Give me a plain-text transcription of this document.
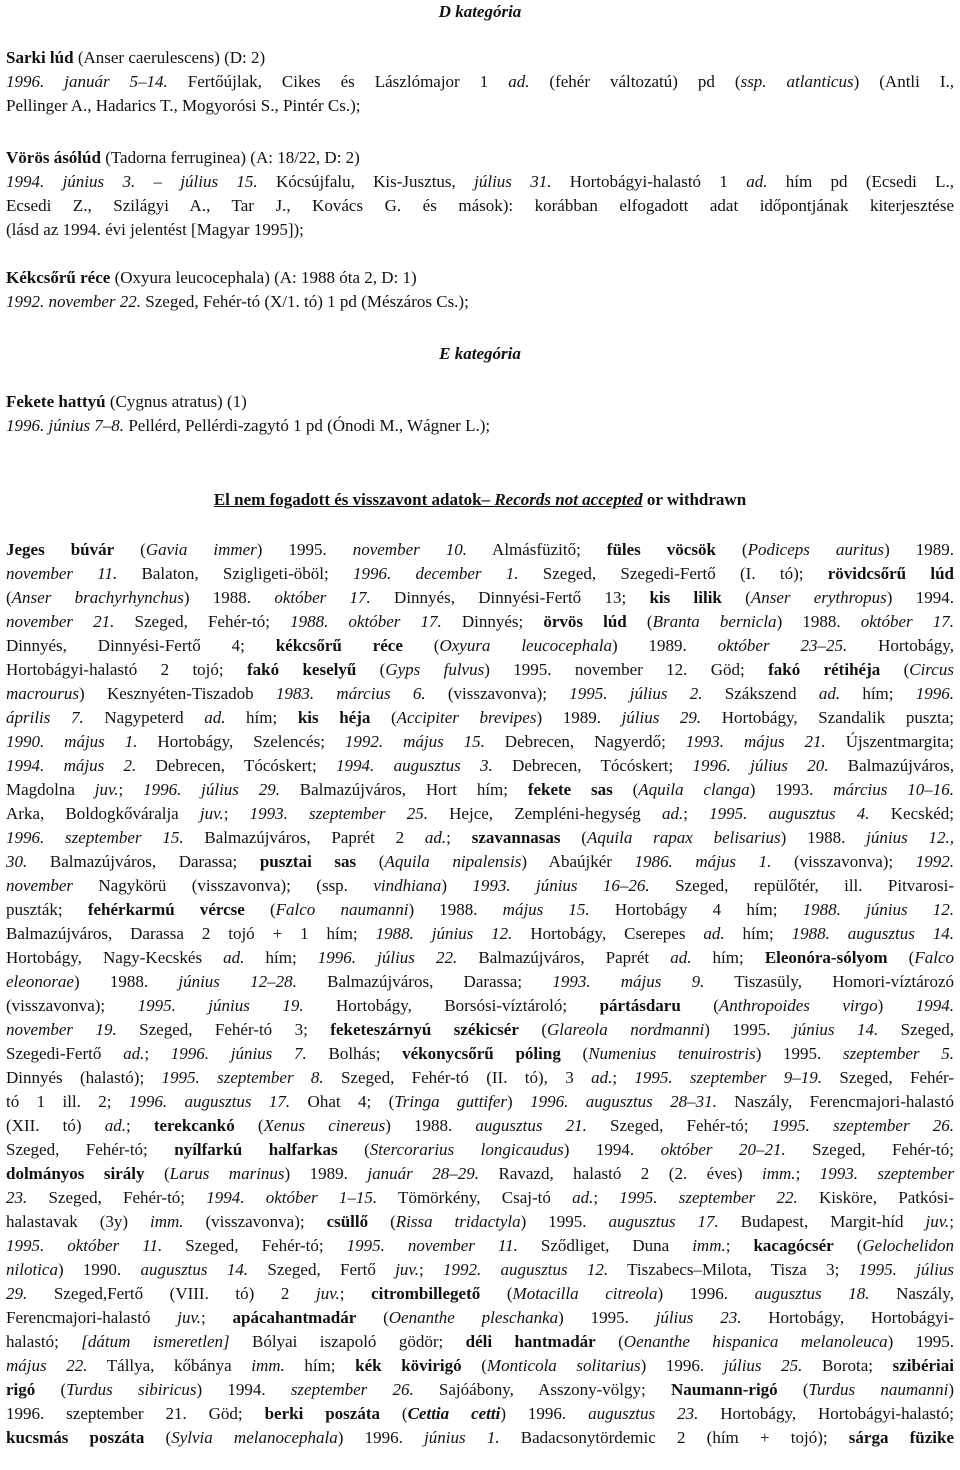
D kategória
Sarki lúd (Anser caerulescens) (D: 2)
1996. január 5–14. Fertőújlak, Cikes és Lászlómajor 1 ad. (fehér változatú) pd (ssp. atlanticus) (Antli I.,
Pellinger A., Hadarics T., Mogyorósi S., Pintér Cs.);
Vörös ásólúd (Tadorna ferruginea) (A: 18/22, D: 2)
1994. június 3. – július 15. Kócsújfalu, Kis-Jusztus, július 31. Hortobágyi-halastó 1 ad. hím pd (Ecsedi L.,
Ecsedi Z., Szilágyi A., Tar J., Kovács G. és mások): korábban elfogadott adat időpontjának kiterjesztése
(lásd az 1994. évi jelentést [Magyar 1995]);
Kékcsőrű réce (Oxyura leucocephala) (A: 1988 óta 2, D: 1)
1992. november 22. Szeged, Fehér-tó (X/1. tó) 1 pd (Mészáros Cs.);
E kategória
Fekete hattyú (Cygnus atratus) (1)
1996. június 7–8. Pellérd, Pellérdi-zagytó 1 pd (Ónodi M., Wágner L.);
El nem fogadott és visszavont adatok– Records not accepted or withdrawn
Jeges búvár (Gavia immer) 1995. november 10. Almásfüzitő; füles vöcsök (Podiceps auritus) 1989.
november 11. Balaton, Szigligeti-öböl; 1996. december 1. Szeged, Szegedi-Fertő (I. tó); rövidcsőrű lúd
(Anser brachyrhynchus) 1988. október 17. Dinnyés, Dinnyési-Fertő 13; kis lilik (Anser erythropus) 1994.
november 21. Szeged, Fehér-tó; 1988. október 17. Dinnyés; örvös lúd (Branta bernicla) 1988. október 17.
Dinnyés, Dinnyési-Fertő 4; kékcsőrű réce (Oxyura leucocephala) 1989. október 23–25. Hortobágy,
Hortobágyi-halastó 2 tojó; fakó keselyű (Gyps fulvus) 1995. november 12. Göd; fakó rétihéja (Circus
macrourus) Kesznyéten-Tiszadob 1983. március 6. (visszavonva); 1995. július 2. Szákszend ad. hím; 1996.
április 7. Nagypeterd ad. hím; kis héja (Accipiter brevipes) 1989. július 29. Hortobágy, Szandalik puszta;
1990. május 1. Hortobágy, Szelencés; 1992. május 15. Debrecen, Nagyerdő; 1993. május 21. Újszentmargita;
1994. május 2. Debrecen, Tócóskert; 1994. augusztus 3. Debrecen, Tócóskert; 1996. július 20. Balmazújváros,
Magdolna juv.; 1996. július 29. Balmazújváros, Hort hím; fekete sas (Aquila clanga) 1993. március 10–16.
Arka, Boldogkőváralja juv.; 1993. szeptember 25. Hejce, Zempléni-hegység ad.; 1995. augusztus 4. Kecskéd;
1996. szeptember 15. Balmazújváros, Paprét 2 ad.; szavannasas (Aquila rapax belisarius) 1988. június 12.,
30. Balmazújváros, Darassa; pusztai sas (Aquila nipalensis) Abaújkér 1986. május 1. (visszavonva); 1992.
november Nagykörü (visszavonva); (ssp. vindhiana) 1993. június 16–26. Szeged, repülőtér, ill. Pitvarosi-
puszták; fehérkarmú vércse (Falco naumanni) 1988. május 15. Hortobágy 4 hím; 1988. június 12.
Balmazújváros, Darassa 2 tojó + 1 hím; 1988. június 12. Hortobágy, Cserepes ad. hím; 1988. augusztus 14.
Hortobágy, Nagy-Kecskés ad. hím; 1996. július 22. Balmazújváros, Paprét ad. hím; Eleonóra-sólyom (Falco
eleonorae) 1988. június 12–28. Balmazújváros, Darassa; 1993. május 9. Tiszasüly, Homori-víztározó
(visszavonva); 1995. június 19. Hortobágy, Borsósi-víztároló; pártásdaru (Anthropoides virgo) 1994.
november 19. Szeged, Fehér-tó 3; feketeszárnyú székicsér (Glareola nordmanni) 1995. június 14. Szeged,
Szegedi-Fertő ad.; 1996. június 7. Bolhás; vékonycsőrű póling (Numenius tenuirostris) 1995. szeptember 5.
Dinnyés (halastó); 1995. szeptember 8. Szeged, Fehér-tó (II. tó), 3 ad.; 1995. szeptember 9–19. Szeged, Fehér-
tó 1 ill. 2; 1996. augusztus 17. Ohat 4; (Tringa guttifer) 1996. augusztus 28–31. Naszály, Ferencmajori-halastó
(XII. tó) ad.; terekcankó (Xenus cinereus) 1988. augusztus 21. Szeged, Fehér-tó; 1995. szeptember 26.
Szeged, Fehér-tó; nyílfarkú halfarkas (Stercorarius longicaudus) 1994. október 20–21. Szeged, Fehér-tó;
dolmányos sirály (Larus marinus) 1989. január 28–29. Ravazd, halastó 2 (2. éves) imm.; 1993. szeptember
23. Szeged, Fehér-tó; 1994. október 1–15. Tömörkény, Csaj-tó ad.; 1995. szeptember 22. Kisköre, Patkósi-
halastavak (3y) imm. (visszavonva); csüllő (Rissa tridactyla) 1995. augusztus 17. Budapest, Margit-híd juv.;
1995. október 11. Szeged, Fehér-tó; 1995. november 11. Sződliget, Duna imm.; kacagócsér (Gelochelidon
nilotica) 1990. augusztus 14. Szeged, Fertő juv.; 1992. augusztus 12. Tiszabecs–Milota, Tisza 3; 1995. július
29. Szeged,Fertő (VIII. tó) 2 juv.; citrombillegető (Motacilla citreola) 1996. augusztus 18. Naszály,
Ferencmajori-halastó juv.; apácahantmadár (Oenanthe pleschanka) 1995. július 23. Hortobágy, Hortobágyi-
halastó; [dátum ismeretlen] Bólyai iszapoló gödör; déli hantmadár (Oenanthe hispanica melanoleuca) 1995.
május 22. Tállya, kőbánya imm. hím; kék kövirigó (Monticola solitarius) 1996. július 25. Borota; szibériai
rigó (Turdus sibiricus) 1994. szeptember 26. Sajóábony, Asszony-völgy; Naumann-rigó (Turdus naumanni)
1996. szeptember 21. Göd; berki poszáta (Cettia cetti) 1996. augusztus 23. Hortobágy, Hortobágyi-halastó;
kucsmás poszáta (Sylvia melanocephala) 1996. június 1. Badacsonytördemic 2 (hím + tojó); sárga füzike
